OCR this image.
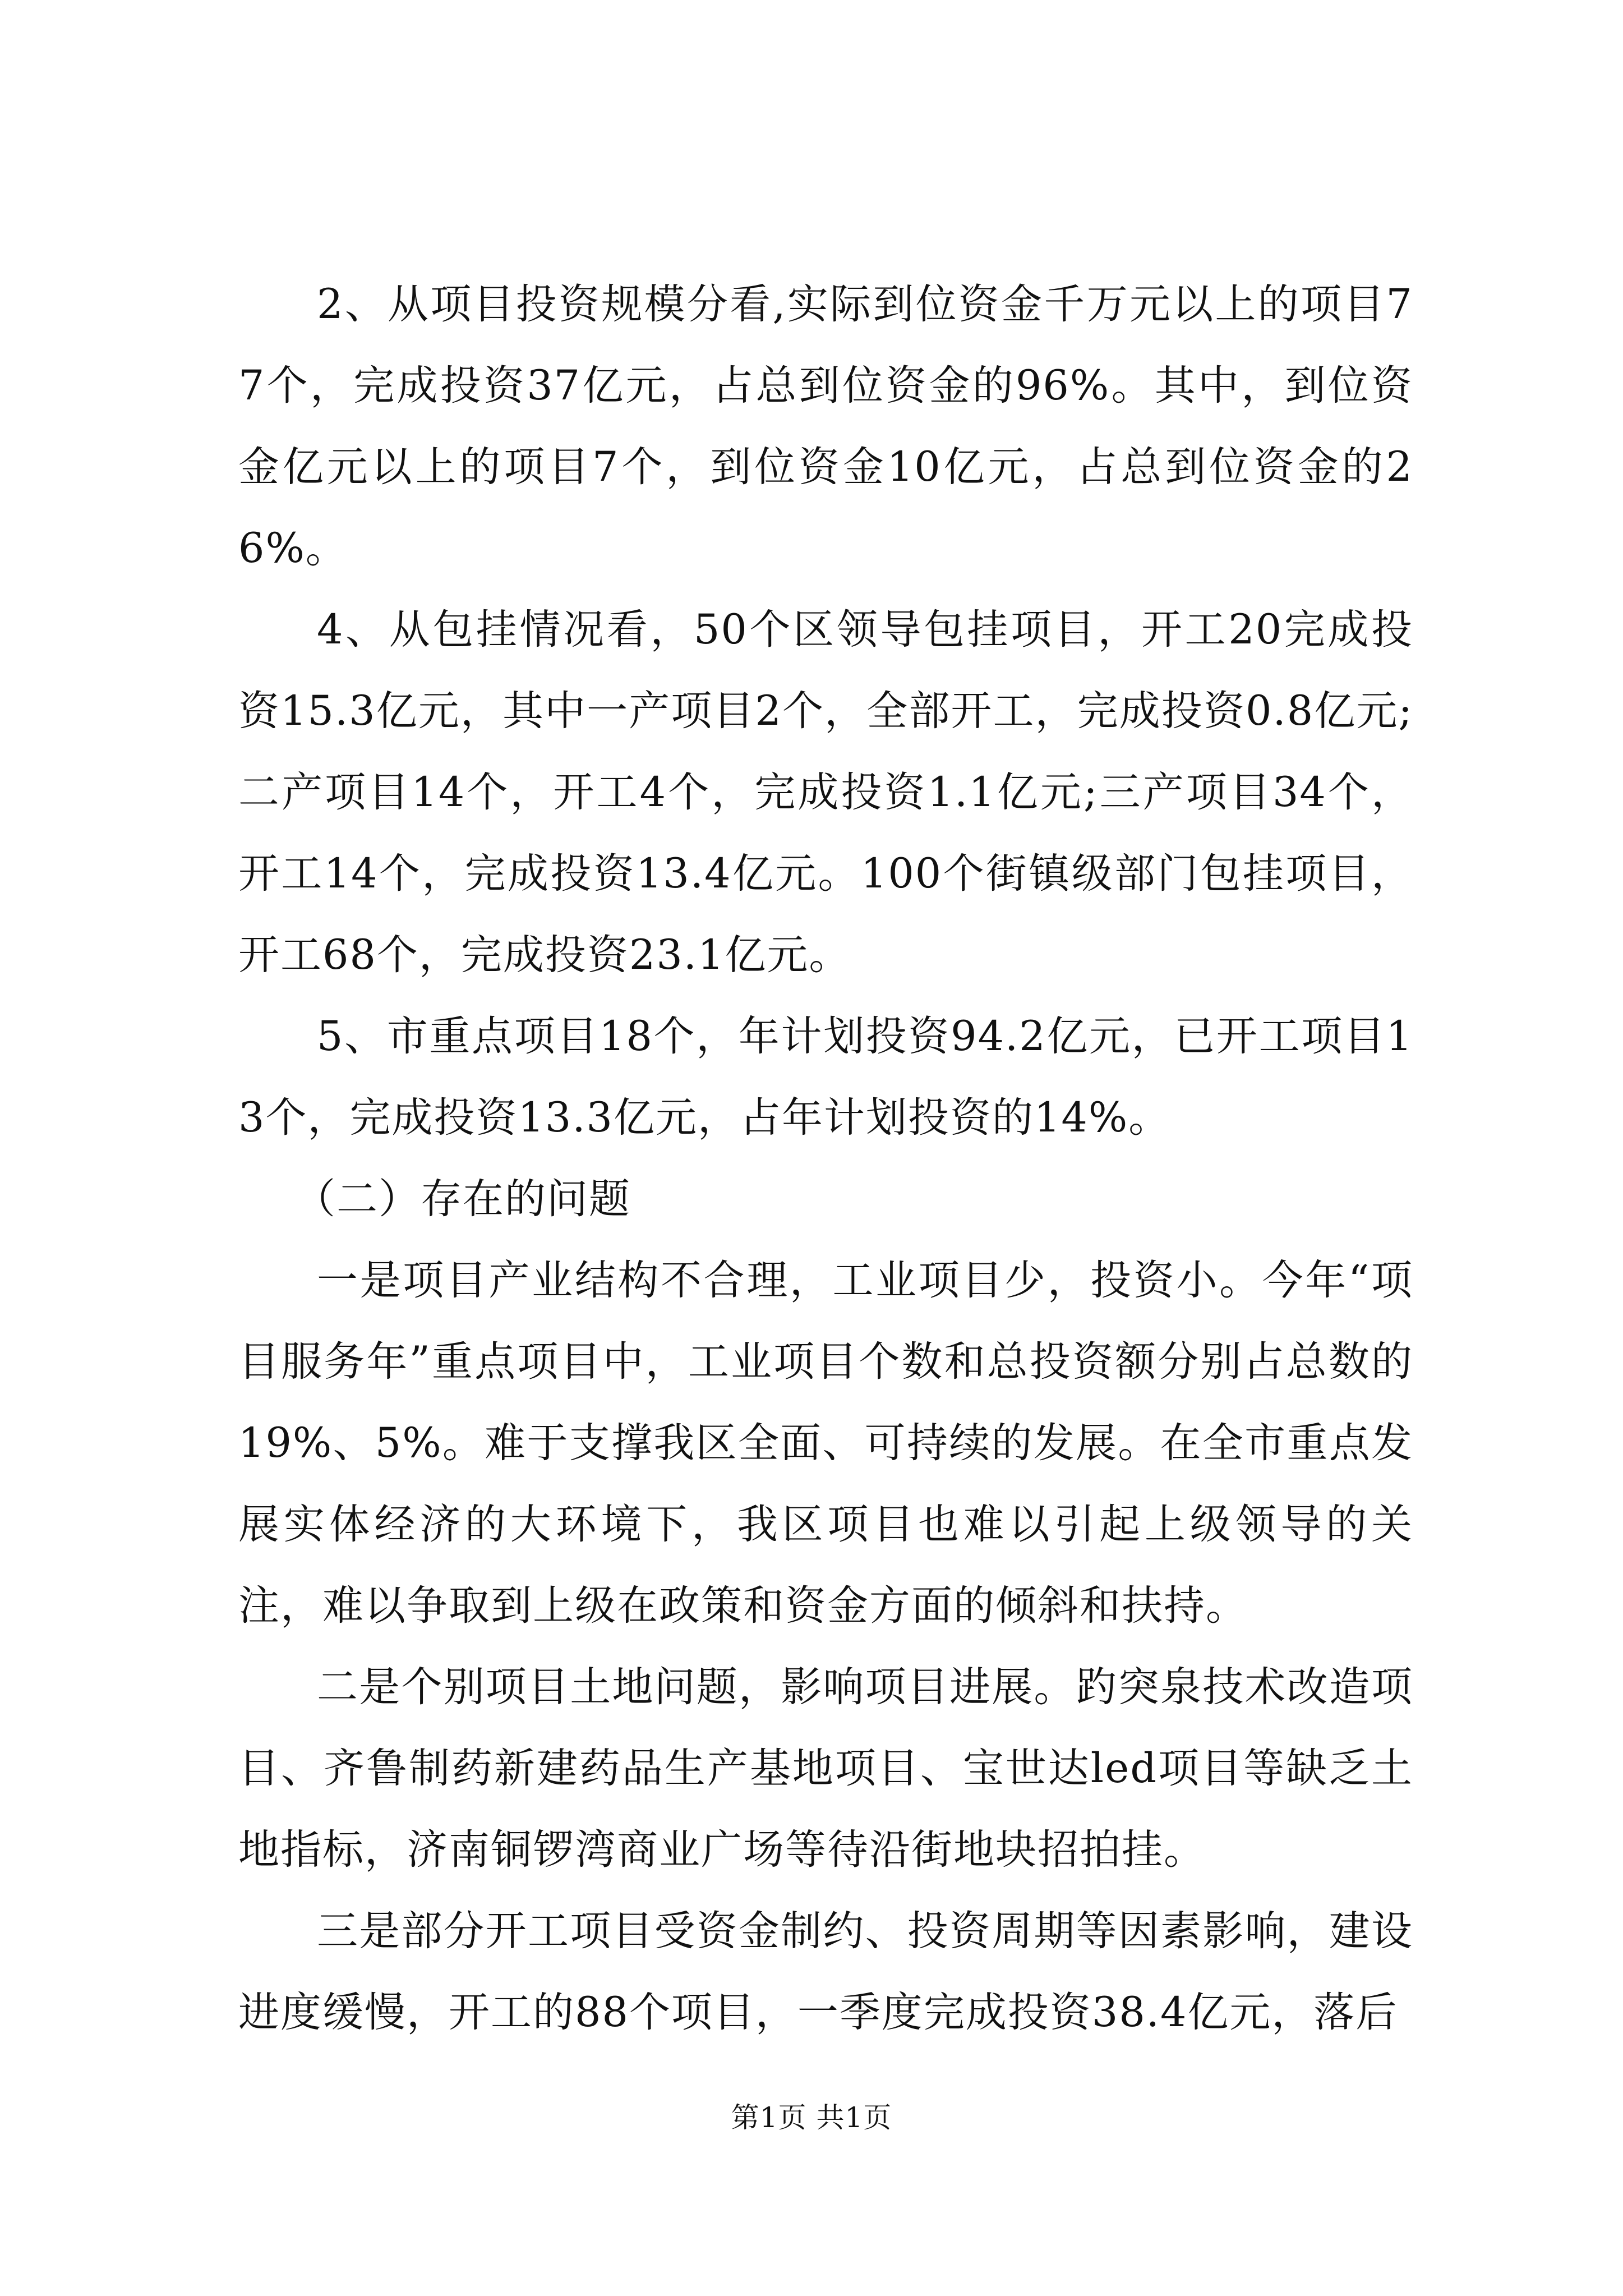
2、从项目投资规模分看,实际到位资金千万元以上的项目77个，完成投资37亿元，占总到位资金的96%。其中，到位资金亿元以上的项目7个，到位资金10亿元，占总到位资金的26%。

4、从包挂情况看，50个区领导包挂项目，开工20完成投资15.3亿元，其中一产项目2个，全部开工，完成投资0.8亿元;二产项目14个，开工4个，完成投资1.1亿元;三产项目34个，开工14个，完成投资13.4亿元。100个街镇级部门包挂项目，开工68个，完成投资23.1亿元。

5、市重点项目18个，年计划投资94.2亿元，已开工项目13个，完成投资13.3亿元，占年计划投资的14%。

（二）存在的问题

一是项目产业结构不合理，工业项目少，投资小。今年“项目服务年”重点项目中，工业项目个数和总投资额分别占总数的19%、5%。难于支撑我区全面、可持续的发展。在全市重点发展实体经济的大环境下，我区项目也难以引起上级领导的关注，难以争取到上级在政策和资金方面的倾斜和扶持。

二是个别项目土地问题，影响项目进展。趵突泉技术改造项目、齐鲁制药新建药品生产基地项目、宝世达led项目等缺乏土地指标，济南铜锣湾商业广场等待沿街地块招拍挂。

三是部分开工项目受资金制约、投资周期等因素影响，建设进度缓慢，开工的88个项目，一季度完成投资38.4亿元，落后

第1页 共1页
